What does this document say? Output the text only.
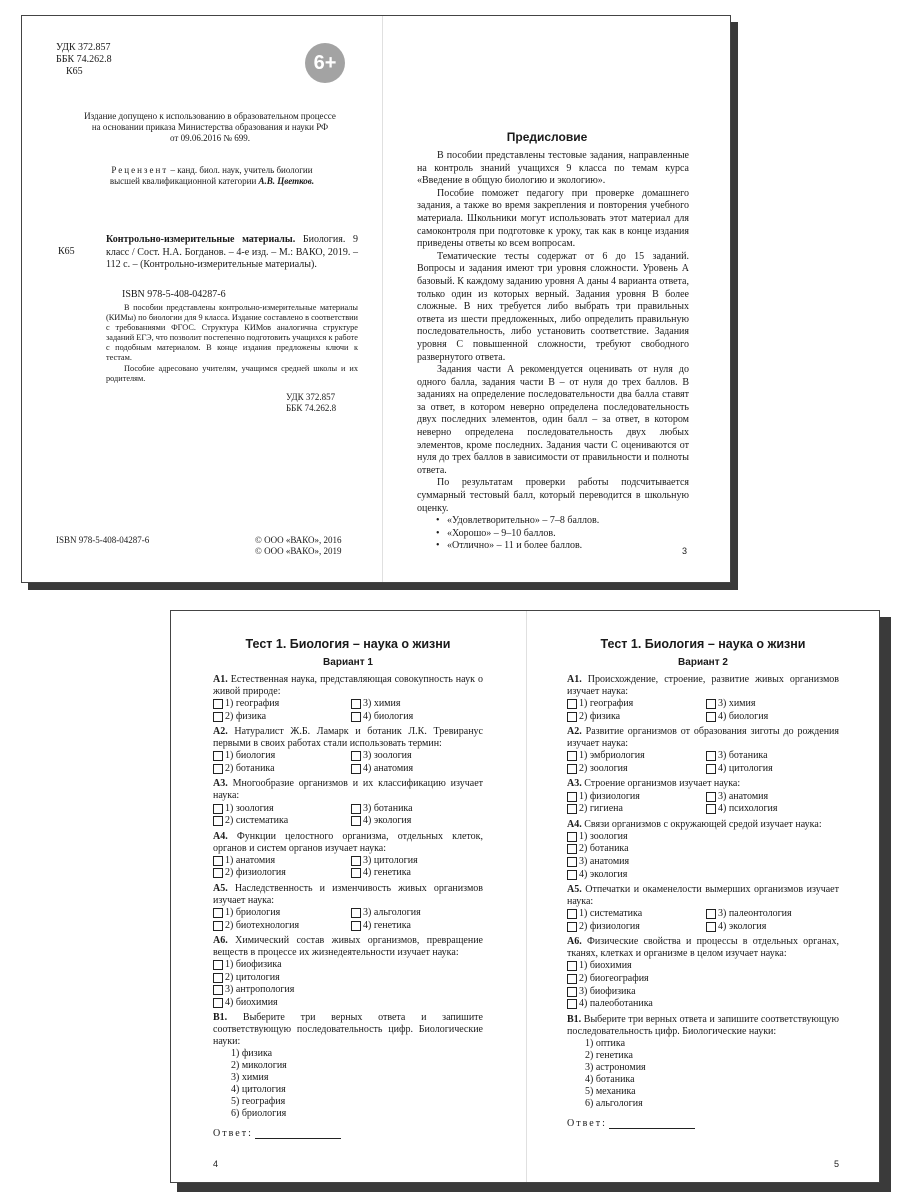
УДК 372.857
ББК 74.262.8
К65	6+
Издание допущено к использованию в образовательном процессе
на основании приказа Министерства образования и науки РФ
от 09.06.2016 № 699.
Рецензент – канд. биол. наук, учитель биологии
высшей квалификационной категории А.В. Цветков.
К65
Контрольно-измерительные материалы. Биология. 9 класс / Сост. Н.А. Богданов. – 4-е изд. – М.: ВАКО, 2019. – 112 с. – (Контрольно-измерительные материалы).
ISBN 978-5-408-04287-6
В пособии представлены контрольно-измерительные материалы (КИМы) по биологии для 9 класса. Издание составлено в соответствии с требованиями ФГОС. Структура КИМов аналогична структуре заданий ЕГЭ, что позволит постепенно подготовить учащихся к работе с подобным материалом. В конце издания предложены ключи к тестам.
Пособие адресовано учителям, учащимся средней школы и их родителям.
УДК 372.857
ББК 74.262.8
ISBN 978-5-408-04287-6	© ООО «ВАКО», 2016
© ООО «ВАКО», 2019
Предисловие

В пособии представлены тестовые задания, направленные на контроль знаний учащихся 9 класса по темам курса «Введение в общую биологию и экологию».

Пособие поможет педагогу при проверке домашнего задания, а также во время закрепления и повторения учебного материала. Школьники могут использовать этот материал для самоконтроля при подготовке к уроку, так как в конце издания приведены ответы ко всем вопросам.

Тематические тесты содержат от 6 до 15 заданий. Вопросы и задания имеют три уровня сложности. Уровень А базовый. К каждому заданию уровня А даны 4 варианта ответа, только один из которых верный. Задания уровня В более сложные. В них требуется либо выбрать три правильных ответа из шести предложенных, либо определить правильную последовательность, либо установить соответствие. Задания уровня С повышенной сложности, требуют свободного развернутого ответа.

Задания части А рекомендуется оценивать от нуля до одного балла, задания части В – от нуля до трех баллов. В заданиях на определение последовательности два балла ставят за ответ, в котором неверно определена последовательность двух последних элементов, один балл – за ответ, в котором неверно определена последовательность двух любых элементов, кроме последних. Задания части С оцениваются от нуля до трех баллов в зависимости от правильности и полноты ответа.

По результатам проверки работы подсчитывается суммарный тестовый балл, который переводится в школьную оценку.

• «Удовлетворительно» – 7–8 баллов.
• «Хорошо» – 9–10 баллов.
• «Отлично» – 11 и более баллов.	3
Тест 1. Биология – наука о жизни
Вариант 1
А1. Естественная наука, представляющая совокупность наук о живой природе:
1) география	3) химия
2) физика	4) биология
А2. Натуралист Ж.Б. Ламарк и ботаник Л.К. Тревиранус первыми в своих работах стали использовать термин:
1) биология	3) зоология
2) ботаника	4) анатомия
А3. Многообразие организмов и их классификацию изучает наука:
1) зоология	3) ботаника
2) систематика	4) экология
А4. Функции целостного организма, отдельных клеток, органов и систем органов изучает наука:
1) анатомия	3) цитология
2) физиология	4) генетика
А5. Наследственность и изменчивость живых организмов изучает наука:
1) бриология	3) альгология
2) биотехнология	4) генетика
А6. Химический состав живых организмов, превращение веществ в процессе их жизнедеятельности изучает наука:
1) биофизика
2) цитология
3) антропология
4) биохимия
В1. Выберите три верных ответа и запишите соответствующую последовательность цифр. Биологические науки:
1) физика
2) микология
3) химия
4) цитология
5) география
6) бриология
Ответ:
4
Тест 1. Биология – наука о жизни
Вариант 2
А1. Происхождение, строение, развитие живых организмов изучает наука:
1) география	3) химия
2) физика	4) биология
А2. Развитие организмов от образования зиготы до рождения изучает наука:
1) эмбриология	3) ботаника
2) зоология	4) цитология
А3. Строение организмов изучает наука:
1) физиология	3) анатомия
2) гигиена	4) психология
А4. Связи организмов с окружающей средой изучает наука:
1) зоология
2) ботаника
3) анатомия
4) экология
А5. Отпечатки и окаменелости вымерших организмов изучает наука:
1) систематика	3) палеонтология
2) физиология	4) экология
А6. Физические свойства и процессы в отдельных органах, тканях, клетках и организме в целом изучает наука:
1) биохимия
2) биогеография
3) биофизика
4) палеоботаника
В1. Выберите три верных ответа и запишите соответствующую последовательность цифр. Биологические науки:
1) оптика
2) генетика
3) астрономия
4) ботаника
5) механика
6) альгология
Ответ:
5
